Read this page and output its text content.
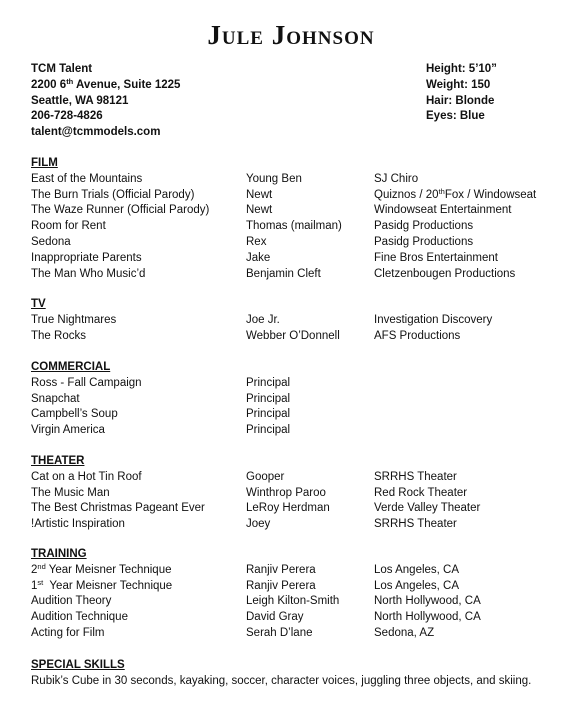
Jule Johnson
TCM Talent
2200 6th Avenue, Suite 1225
Seattle, WA 98121
206-728-4826
talent@tcmmodels.com
Height: 5’10”
Weight: 150
Hair: Blonde
Eyes: Blue
FILM
East of the Mountains	Young Ben	SJ Chiro
The Burn Trials (Official Parody)	Newt	Quiznos / 20thFox / Windowseat
The Waze Runner (Official Parody)	Newt	Windowseat Entertainment
Room for Rent	Thomas (mailman)	Pasidg Productions
Sedona	Rex	Pasidg Productions
Inappropriate Parents	Jake	Fine Bros Entertainment
The Man Who Music’d	Benjamin Cleft	Cletzenbougen Productions
TV
True Nightmares	Joe Jr.	Investigation Discovery
The Rocks	Webber O’Donnell	AFS Productions
COMMERCIAL
Ross - Fall Campaign	Principal
Snapchat	Principal
Campbell’s Soup	Principal
Virgin America	Principal
THEATER
Cat on a Hot Tin Roof	Gooper	SRRHS Theater
The Music Man	Winthrop Paroo	Red Rock Theater
The Best Christmas Pageant Ever	LeRoy Herdman	Verde Valley Theater
!Artistic Inspiration	Joey	SRRHS Theater
TRAINING
2nd Year Meisner Technique	Ranjiv Perera	Los Angeles, CA
1st  Year Meisner Technique	Ranjiv Perera	Los Angeles, CA
Audition Theory	Leigh Kilton-Smith	North Hollywood, CA
Audition Technique	David Gray	North Hollywood, CA
Acting for Film	Serah D’lane	Sedona, AZ
SPECIAL SKILLS
Rubik’s Cube in 30 seconds, kayaking, soccer, character voices, juggling three objects, and skiing.
